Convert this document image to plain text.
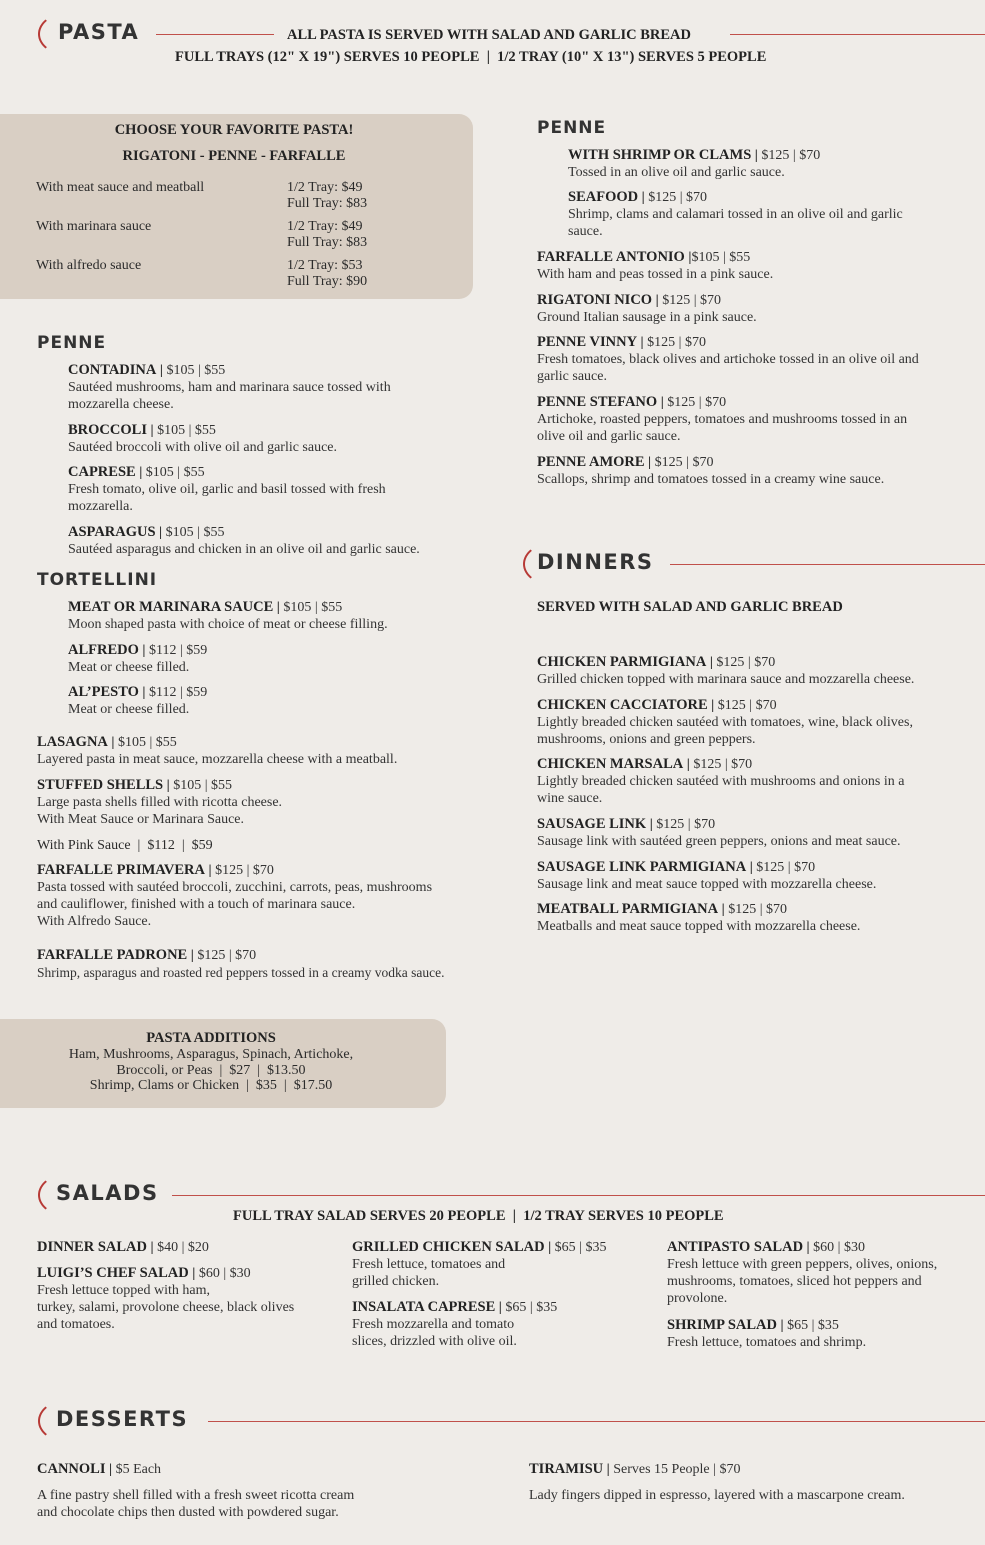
PASTA	ALL PASTA IS SERVED WITH SALAD AND GARLIC BREAD
FULL TRAYS (12" X 19") SERVES 10 PEOPLE  |  1/2 TRAY (10" X 13") SERVES 5 PEOPLE
CHOOSE YOUR FAVORITE PASTA!
RIGATONI - PENNE - FARFALLE
With meat sauce and meatball	1/2 Tray: $49
Full Tray: $83
With marinara sauce	1/2 Tray: $49
Full Tray: $83
With alfredo sauce	1/2 Tray: $53
Full Tray: $90
PENNE
CONTADINA | $105 | $55
Sautéed mushrooms, ham and marinara sauce tossed with
mozzarella cheese.
BROCCOLI | $105 | $55
Sautéed broccoli with olive oil and garlic sauce.
CAPRESE | $105 | $55
Fresh tomato, olive oil, garlic and basil tossed with fresh
mozzarella.
ASPARAGUS | $105 | $55
Sautéed asparagus and chicken in an olive oil and garlic sauce.
TORTELLINI
MEAT OR MARINARA SAUCE | $105 | $55
Moon shaped pasta with choice of meat or cheese filling.
ALFREDO | $112 | $59
Meat or cheese filled.
AL’PESTO | $112 | $59
Meat or cheese filled.
LASAGNA | $105 | $55
Layered pasta in meat sauce, mozzarella cheese with a meatball.
STUFFED SHELLS | $105 | $55
Large pasta shells filled with ricotta cheese.
With Meat Sauce or Marinara Sauce.
With Pink Sauce  |  $112  |  $59
FARFALLE PRIMAVERA | $125 | $70
Pasta tossed with sautéed broccoli, zucchini, carrots, peas, mushrooms
and cauliflower, finished with a touch of marinara sauce.
With Alfredo Sauce.
FARFALLE PADRONE | $125 | $70
Shrimp, asparagus and roasted red peppers tossed in a creamy vodka sauce.
PASTA ADDITIONS
Ham, Mushrooms, Asparagus, Spinach, Artichoke,
Broccoli, or Peas  |  $27  |  $13.50
Shrimp, Clams or Chicken  |  $35  |  $17.50
PENNE
WITH SHRIMP OR CLAMS | $125 | $70
Tossed in an olive oil and garlic sauce.
SEAFOOD | $125 | $70
Shrimp, clams and calamari tossed in an olive oil and garlic
sauce.
FARFALLE ANTONIO |$105 | $55
With ham and peas tossed in a pink sauce.
RIGATONI NICO | $125 | $70
Ground Italian sausage in a pink sauce.
PENNE VINNY | $125 | $70
Fresh tomatoes, black olives and artichoke tossed in an olive oil and
garlic sauce.
PENNE STEFANO | $125 | $70
Artichoke, roasted peppers, tomatoes and mushrooms tossed in an
olive oil and garlic sauce.
PENNE AMORE | $125 | $70
Scallops, shrimp and tomatoes tossed in a creamy wine sauce.
DINNERS
SERVED WITH SALAD AND GARLIC BREAD
CHICKEN PARMIGIANA | $125 | $70
Grilled chicken topped with marinara sauce and mozzarella cheese.
CHICKEN CACCIATORE | $125 | $70
Lightly breaded chicken sautéed with tomatoes, wine, black olives,
mushrooms, onions and green peppers.
CHICKEN MARSALA | $125 | $70
Lightly breaded chicken sautéed with mushrooms and onions in a
wine sauce.
SAUSAGE LINK | $125 | $70
Sausage link with sautéed green peppers, onions and meat sauce.
SAUSAGE LINK PARMIGIANA | $125 | $70
Sausage link and meat sauce topped with mozzarella cheese.
MEATBALL PARMIGIANA | $125 | $70
Meatballs and meat sauce topped with mozzarella cheese.
SALADS
FULL TRAY SALAD SERVES 20 PEOPLE  |  1/2 TRAY SERVES 10 PEOPLE
DINNER SALAD | $40 | $20
LUIGI’S CHEF SALAD | $60 | $30
Fresh lettuce topped with ham,
turkey, salami, provolone cheese, black olives
and tomatoes.
GRILLED CHICKEN SALAD | $65 | $35
Fresh lettuce, tomatoes and
grilled chicken.
INSALATA CAPRESE | $65 | $35
Fresh mozzarella and tomato
slices, drizzled with olive oil.
ANTIPASTO SALAD | $60 | $30
Fresh lettuce with green peppers, olives, onions,
mushrooms, tomatoes, sliced hot peppers and
provolone.
SHRIMP SALAD | $65 | $35
Fresh lettuce, tomatoes and shrimp.
DESSERTS
CANNOLI | $5 Each
A fine pastry shell filled with a fresh sweet ricotta cream
and chocolate chips then dusted with powdered sugar.
TIRAMISU | Serves 15 People | $70
Lady fingers dipped in espresso, layered with a mascarpone cream.
